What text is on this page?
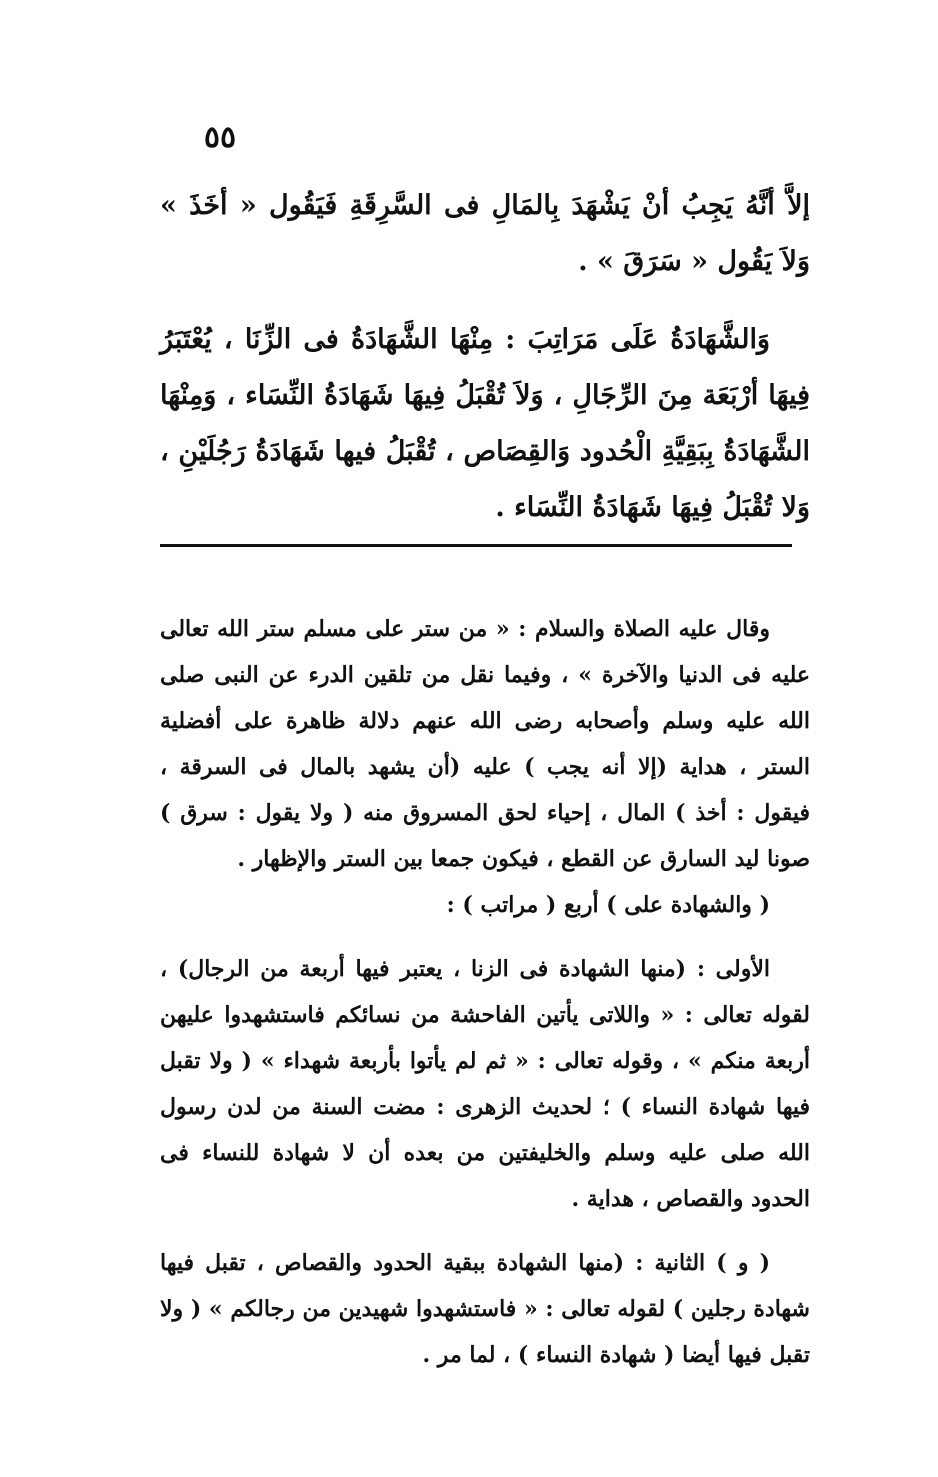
٥٥

إلاَّ أنَّهُ يَجِبُ أنْ يَشْهَدَ بِالمَالِ فى السَّرِقَةِ فَيَقُول « أخَذَ » وَلاَ يَقُول « سَرَقَ » .

وَالشَّهَادَةُ عَلَى مَرَاتِبَ : مِنْهَا الشَّهَادَةُ فى الزِّنَا ، يُعْتَبَرُ فِيهَا أرْبَعَة مِنَ الرِّجَالِ ، وَلاَ تُقْبَلُ فِيهَا شَهَادَةُ النِّسَاء ، وَمِنْهَا الشَّهَادَةُ بِبَقِيَّةِ الْحُدود وَالقِصَاص ، تُقْبَلُ فيها شَهَادَةُ رَجُلَيْنِ ، وَلا تُقْبَلُ فِيهَا شَهَادَةُ النِّسَاء .

وقال عليه الصلاة والسلام : « من ستر على مسلم ستر الله تعالى عليه فى الدنيا والآخرة » ، وفيما نقل من تلقين الدرء عن النبى صلى الله عليه وسلم وأصحابه رضى الله عنهم دلالة ظاهرة على أفضلية الستر ، هداية (إلا أنه يجب ) عليه (أن يشهد بالمال فى السرقة ، فيقول : أخذ ) المال ، إحياء لحق المسروق منه ( ولا يقول : سرق ) صونا ليد السارق عن القطع ، فيكون جمعا بين الستر والإظهار .

( والشهادة على ) أربع ( مراتب ) :

الأولى : (منها الشهادة فى الزنا ، يعتبر فيها أربعة من الرجال) ، لقوله تعالى : « واللاتى يأتين الفاحشة من نسائكم فاستشهدوا عليهن أربعة منكم » ، وقوله تعالى : « ثم لم يأتوا بأربعة شهداء » ( ولا تقبل فيها شهادة النساء ) ؛ لحديث الزهرى : مضت السنة من لدن رسول الله صلى عليه وسلم والخليفتين من بعده أن لا شهادة للنساء فى الحدود والقصاص ، هداية .

( و ) الثانية : (منها الشهادة ببقية الحدود والقصاص ، تقبل فيها شهادة رجلين ) لقوله تعالى : « فاستشهدوا شهيدين من رجالكم » ( ولا تقبل فيها أيضا ( شهادة النساء ) ، لما مر .
